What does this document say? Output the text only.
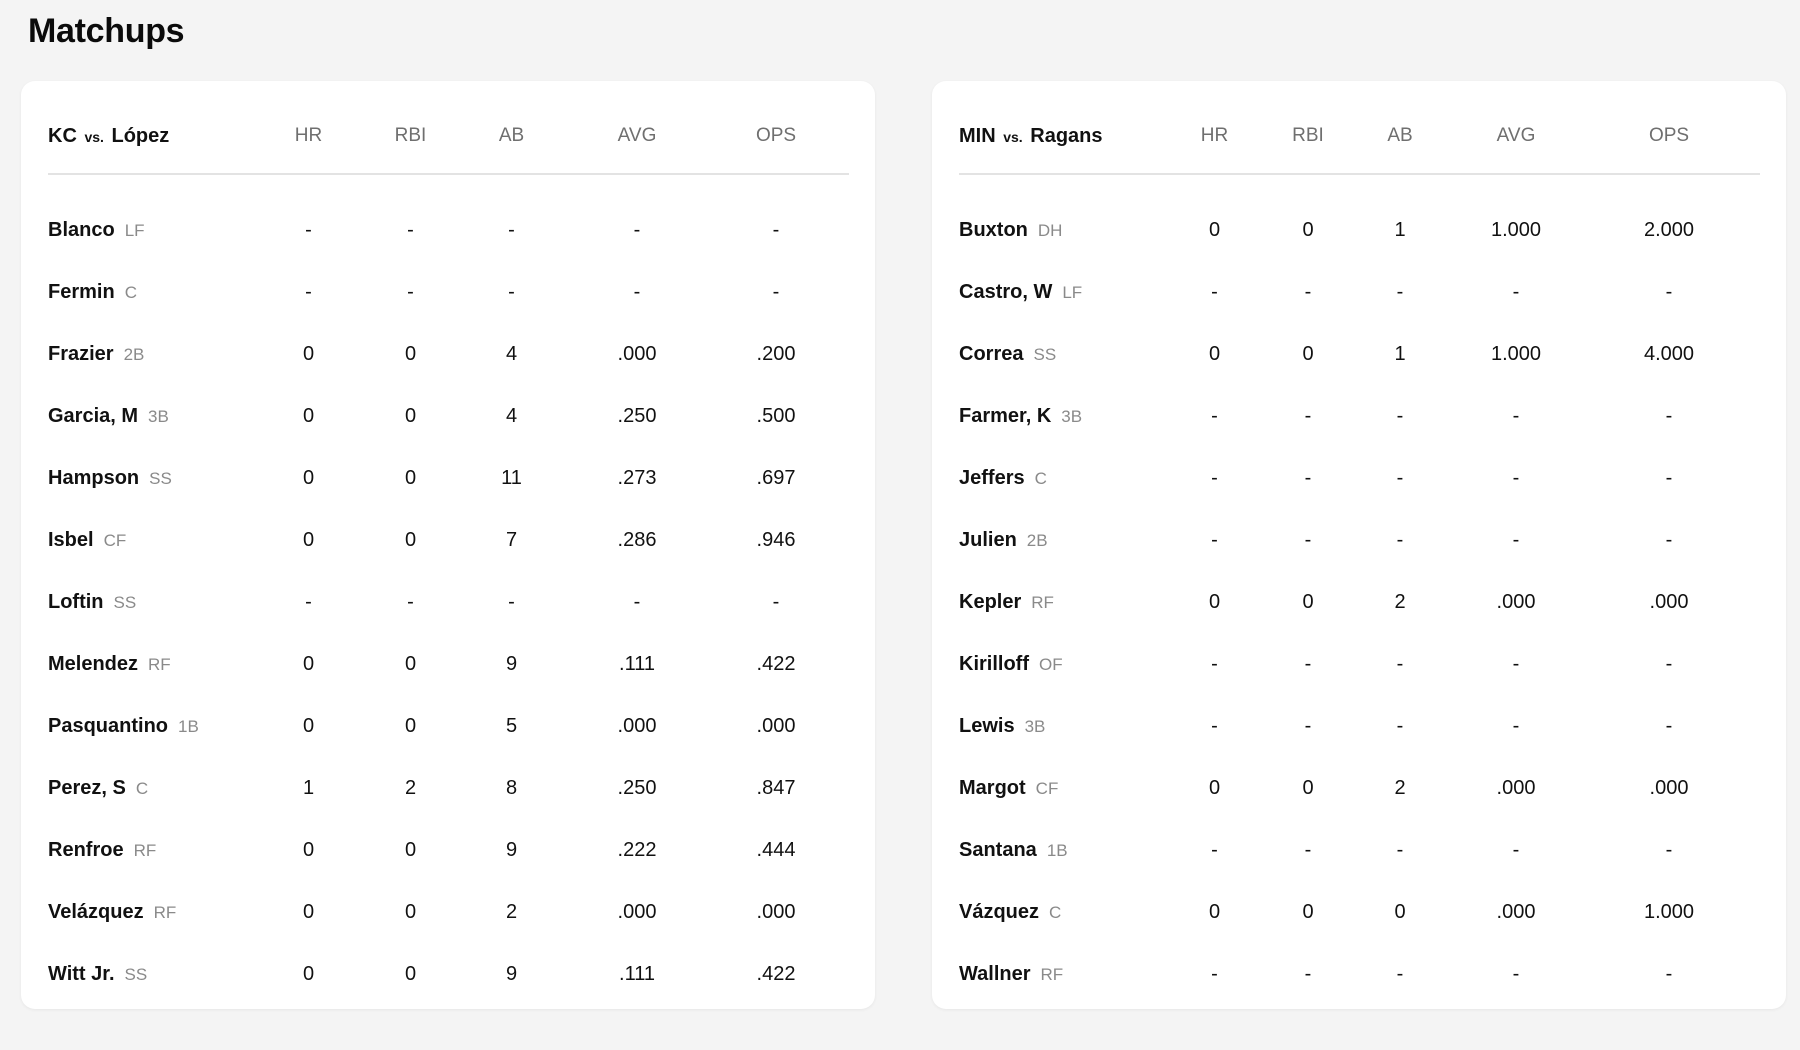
Matchups
KC vs. López	HR	RBI	AB	AVG	OPS
Blanco LF	-	-	-	-	-
Fermin C	-	-	-	-	-
Frazier 2B	0	0	4	.000	.200
Garcia, M 3B	0	0	4	.250	.500
Hampson SS	0	0	11	.273	.697
Isbel CF	0	0	7	.286	.946
Loftin SS	-	-	-	-	-
Melendez RF	0	0	9	.111	.422
Pasquantino 1B	0	0	5	.000	.000
Perez, S C	1	2	8	.250	.847
Renfroe RF	0	0	9	.222	.444
Velázquez RF	0	0	2	.000	.000
Witt Jr. SS	0	0	9	.111	.422
MIN vs. Ragans	HR	RBI	AB	AVG	OPS
Buxton DH	0	0	1	1.000	2.000
Castro, W LF	-	-	-	-	-
Correa SS	0	0	1	1.000	4.000
Farmer, K 3B	-	-	-	-	-
Jeffers C	-	-	-	-	-
Julien 2B	-	-	-	-	-
Kepler RF	0	0	2	.000	.000
Kirilloff OF	-	-	-	-	-
Lewis 3B	-	-	-	-	-
Margot CF	0	0	2	.000	.000
Santana 1B	-	-	-	-	-
Vázquez C	0	0	0	.000	1.000
Wallner RF	-	-	-	-	-
